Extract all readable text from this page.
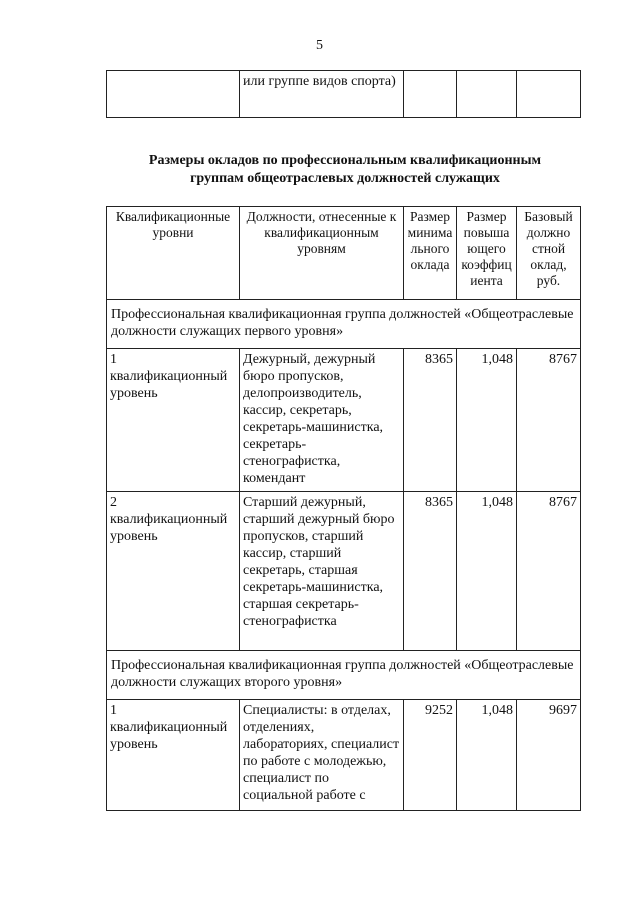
5
	или группе видов спорта)			
Размеры окладов по профессиональным квалификационным
группам общеотраслевых должностей служащих
Квалификационные уровни	Должности, отнесенные к квалификационным уровням	Размер минима льного оклада	Размер повыша ющего коэффиц иента	Базовый должно стной оклад, руб.
Профессиональная квалификационная группа должностей «Общеотраслевые должности служащих первого уровня»				
1 квалификационный уровень	Дежурный, дежурный бюро пропусков, делопроизводитель, кассир, секретарь, секретарь-машинистка, секретарь-стенографистка, комендант	8365	1,048	8767
2 квалификационный уровень	Старший дежурный, старший дежурный бюро пропусков, старший кассир, старший секретарь, старшая секретарь-машинистка, старшая секретарь-стенографистка	8365	1,048	8767
Профессиональная квалификационная группа должностей «Общеотраслевые должности служащих второго уровня»				
1 квалификационный уровень	Специалисты: в отделах, отделениях, лабораториях, специалист по работе с молодежью, специалист по социальной работе с	9252	1,048	9697
